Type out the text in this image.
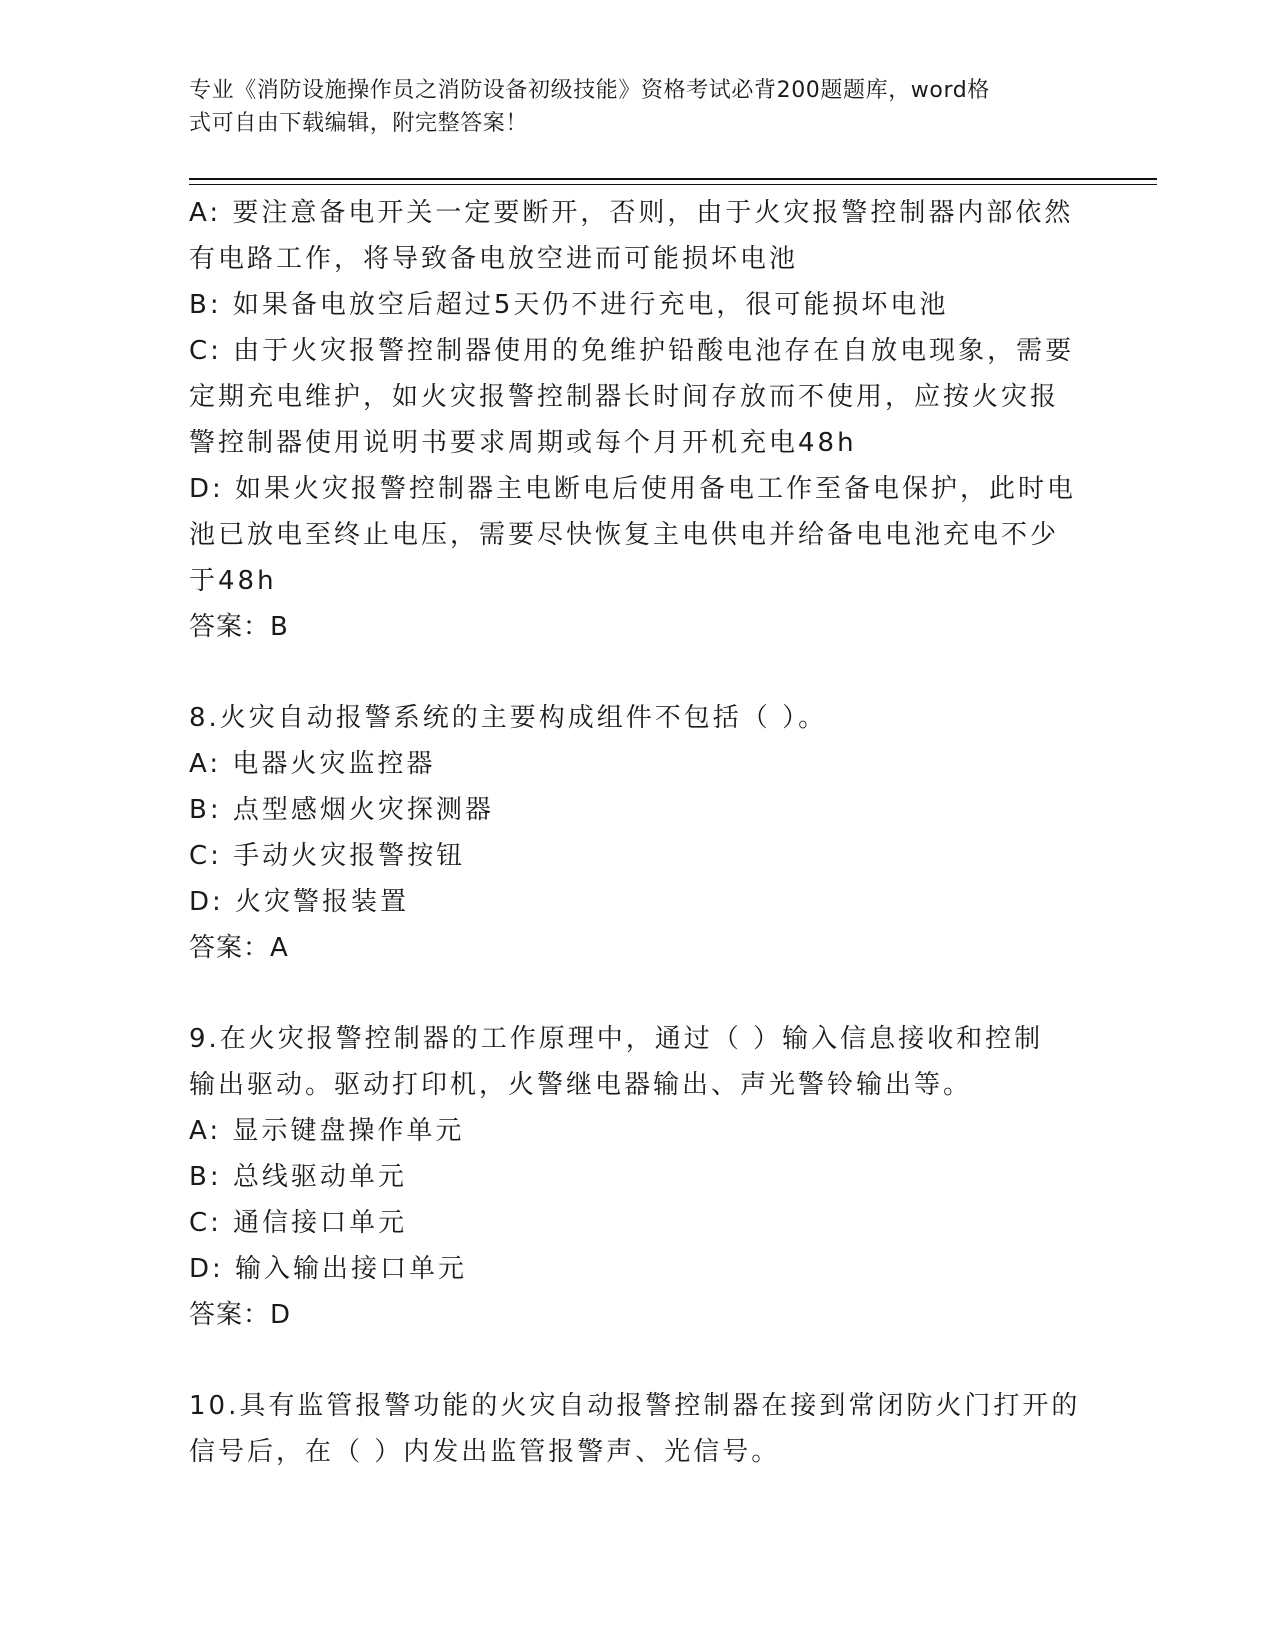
专业《消防设施操作员之消防设备初级技能》资格考试必背200题题库，word格
式可自由下载编辑，附完整答案！
A: 要注意备电开关一定要断开，否则，由于火灾报警控制器内部依然
有电路工作，将导致备电放空进而可能损坏电池
B: 如果备电放空后超过5天仍不进行充电，很可能损坏电池
C: 由于火灾报警控制器使用的免维护铅酸电池存在自放电现象，需要
定期充电维护，如火灾报警控制器长时间存放而不使用，应按火灾报
警控制器使用说明书要求周期或每个月开机充电48h
D: 如果火灾报警控制器主电断电后使用备电工作至备电保护，此时电
池已放电至终止电压，需要尽快恢复主电供电并给备电电池充电不少
于48h
答案：B
8.火灾自动报警系统的主要构成组件不包括（ ）。
A: 电器火灾监控器
B: 点型感烟火灾探测器
C: 手动火灾报警按钮
D: 火灾警报装置
答案：A
9.在火灾报警控制器的工作原理中，通过（ ）输入信息接收和控制
输出驱动。驱动打印机，火警继电器输出、声光警铃输出等。
A: 显示键盘操作单元
B: 总线驱动单元
C: 通信接口单元
D: 输入输出接口单元
答案：D
10.具有监管报警功能的火灾自动报警控制器在接到常闭防火门打开的
信号后，在（ ）内发出监管报警声、光信号。
